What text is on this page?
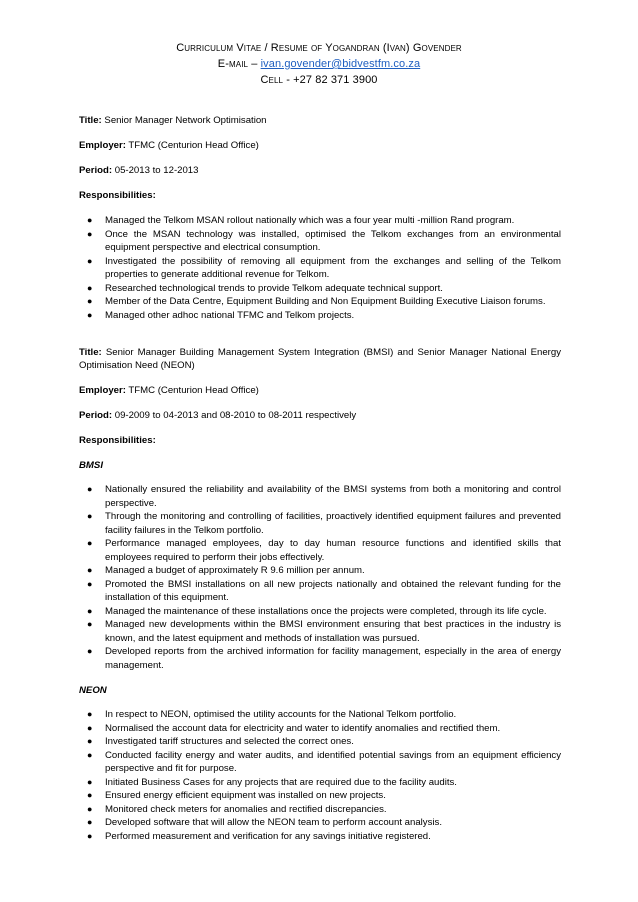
Curriculum Vitae / Resume of Yogandran (Ivan) Govender
E-mail – ivan.govender@bidvestfm.co.za
Cell - +27 82 371 3900

Title: Senior Manager Network Optimisation

Employer: TFMC (Centurion Head Office)

Period: 05-2013 to 12-2013

Responsibilities:

● Managed the Telkom MSAN rollout nationally which was a four year multi -million Rand program.
● Once the MSAN technology was installed, optimised the Telkom exchanges from an environmental equipment perspective and electrical consumption.
● Investigated the possibility of removing all equipment from the exchanges and selling of the Telkom properties to generate additional revenue for Telkom.
● Researched technological trends to provide Telkom adequate technical support.
● Member of the Data Centre, Equipment Building and Non Equipment Building Executive Liaison forums.
● Managed other adhoc national TFMC and Telkom projects.

Title: Senior Manager Building Management System Integration (BMSI) and Senior Manager National Energy Optimisation Need (NEON)

Employer: TFMC (Centurion Head Office)

Period: 09-2009 to 04-2013 and 08-2010 to 08-2011 respectively

Responsibilities:

BMSI

● Nationally ensured the reliability and availability of the BMSI systems from both a monitoring and control perspective.
● Through the monitoring and controlling of facilities, proactively identified equipment failures and prevented facility failures in the Telkom portfolio.
● Performance managed employees, day to day human resource functions and identified skills that employees required to perform their jobs effectively.
● Managed a budget of approximately R 9.6 million per annum.
● Promoted the BMSI installations on all new projects nationally and obtained the relevant funding for the installation of this equipment.
● Managed the maintenance of these installations once the projects were completed, through its life cycle.
● Managed new developments within the BMSI environment ensuring that best practices in the industry is known, and the latest equipment and methods of installation was pursued.
● Developed reports from the archived information for facility management, especially in the area of energy management.

NEON

● In respect to NEON, optimised the utility accounts for the National Telkom portfolio.
● Normalised the account data for electricity and water to identify anomalies and rectified them.
● Investigated tariff structures and selected the correct ones.
● Conducted facility energy and water audits, and identified potential savings from an equipment efficiency perspective and fit for purpose.
● Initiated Business Cases for any projects that are required due to the facility audits.
● Ensured energy efficient equipment was installed on new projects.
● Monitored check meters for anomalies and rectified discrepancies.
● Developed software that will allow the NEON team to perform account analysis.
● Performed measurement and verification for any savings initiative registered.
